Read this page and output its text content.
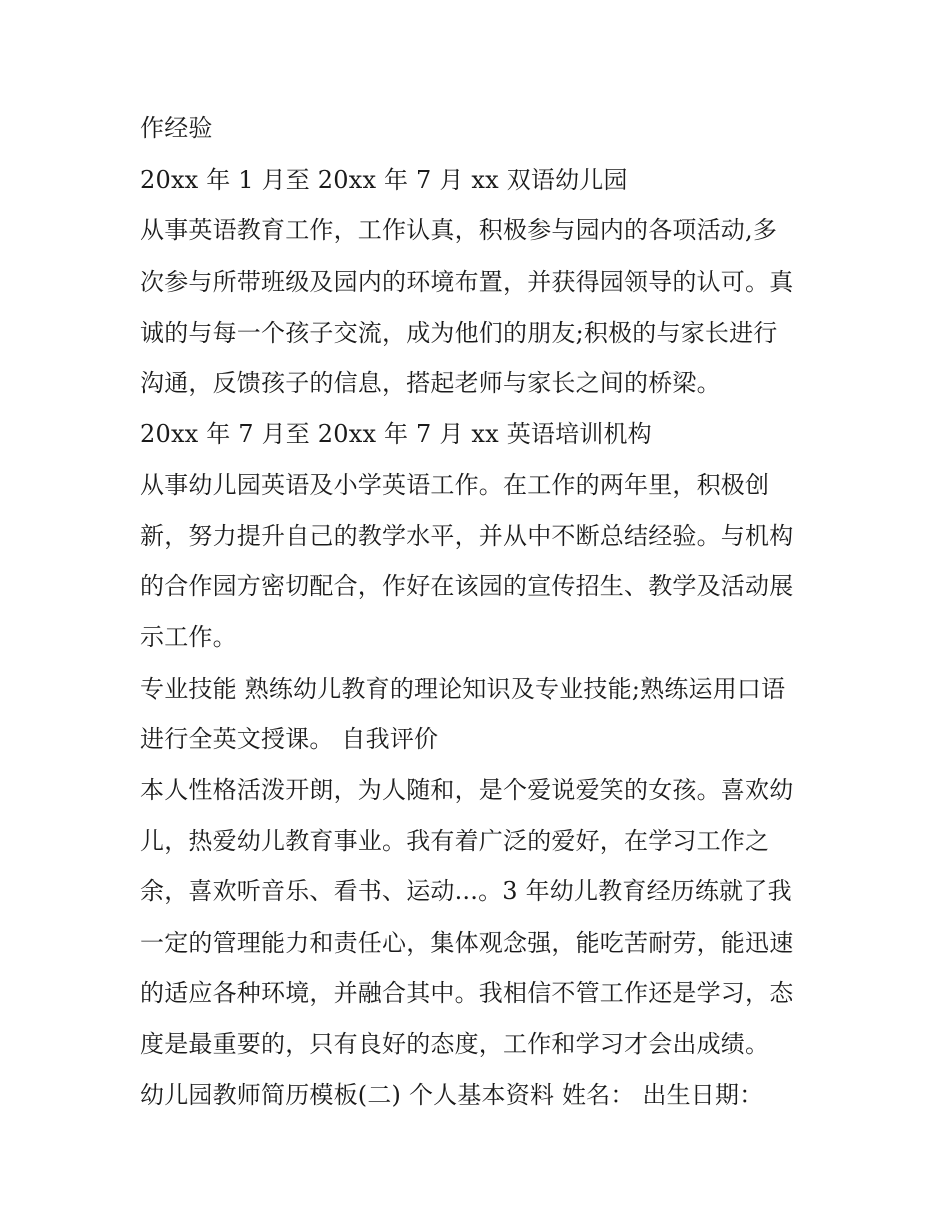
作经验
20xx 年 1 月至 20xx 年 7 月 xx 双语幼儿园
从事英语教育工作，工作认真，积极参与园内的各项活动,多
次参与所带班级及园内的环境布置，并获得园领导的认可。真
诚的与每一个孩子交流，成为他们的朋友;积极的与家长进行
沟通，反馈孩子的信息，搭起老师与家长之间的桥梁。
20xx 年 7 月至 20xx 年 7 月 xx 英语培训机构
从事幼儿园英语及小学英语工作。在工作的两年里，积极创
新，努力提升自己的教学水平，并从中不断总结经验。与机构
的合作园方密切配合，作好在该园的宣传招生、教学及活动展
示工作。
专业技能 熟练幼儿教育的理论知识及专业技能;熟练运用口语
进行全英文授课。 自我评价
本人性格活泼开朗，为人随和，是个爱说爱笑的女孩。喜欢幼
儿，热爱幼儿教育事业。我有着广泛的爱好，在学习工作之
余，喜欢听音乐、看书、运动...。3 年幼儿教育经历练就了我
一定的管理能力和责任心，集体观念强，能吃苦耐劳，能迅速
的适应各种环境，并融合其中。我相信不管工作还是学习，态
度是最重要的，只有良好的态度，工作和学习才会出成绩。
幼儿园教师简历模板(二) 个人基本资料 姓名： 出生日期：
